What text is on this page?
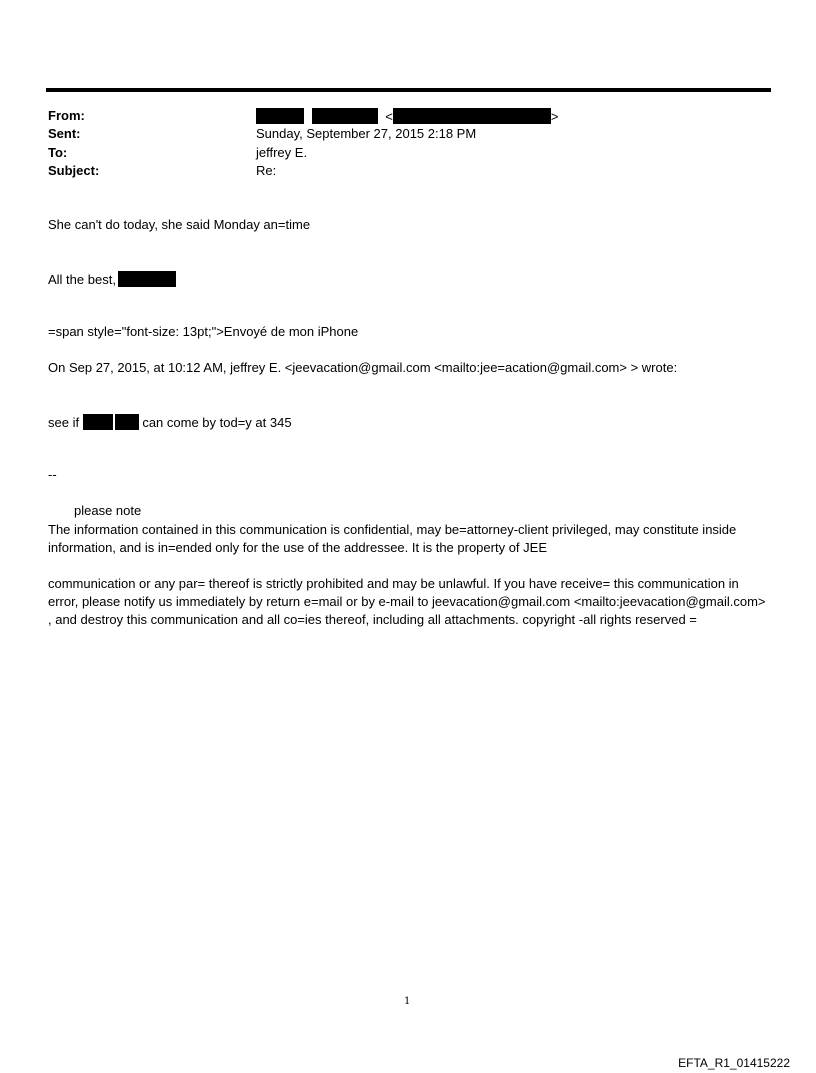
From:	<	>
Sent:	Sunday, September 27, 2015 2:18 PM
To:	jeffrey E.
Subject:	Re:
She can't do today, she said Monday an=time
All the best,
=span style="font-size: 13pt;">Envoyé de mon iPhone
On Sep 27, 2015, at 10:12 AM, jeffrey E. <jeevacation@gmail.com <mailto:jee=acation@gmail.com> > wrote:
see if	can come by tod=y at 345
--
please note
The information contained in this communication is confidential, may be=attorney-client privileged, may constitute inside information, and is in=ended only for the use of the addressee. It is the property of JEE
communication or any par= thereof is strictly prohibited and may be unlawful. If you have receive= this communication in error, please notify us immediately by return e=mail or by e-mail to jeevacation@gmail.com <mailto:jeevacation@gmail.com> , and destroy this communication and all co=ies thereof, including all attachments. copyright -all rights reserved =
1
EFTA_R1_01415222
